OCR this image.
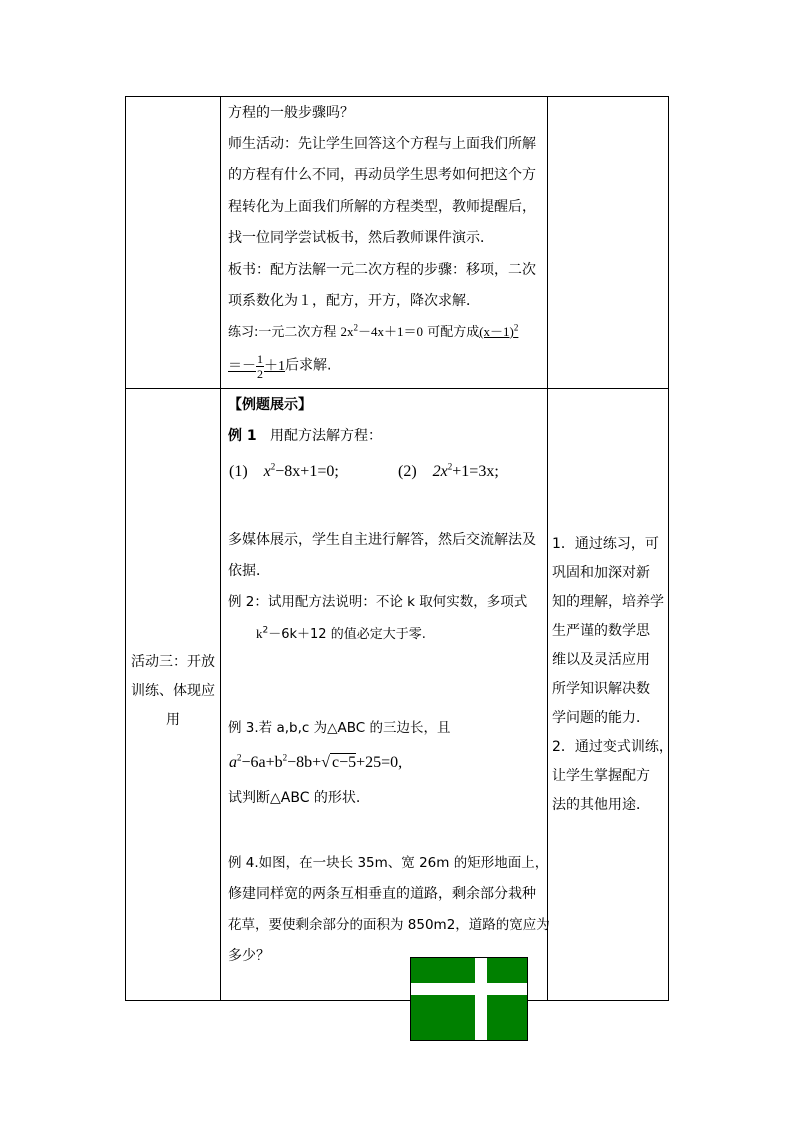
方程的一般步骤吗？
师生活动：先让学生回答这个方程与上面我们所解
的方程有什么不同，再动员学生思考如何把这个方
程转化为上面我们所解的方程类型，教师提醒后，
找一位同学尝试板书，然后教师课件演示．
板书：配方法解一元二次方程的步骤：移项，二次
项系数化为１，配方，开方，降次求解．
练习:一元二次方程 $2x^2-4x+1=0$ 可配方成$(x-1)^2$
＝－ $\frac{1}{2} +1$后求解.
活动三：开放
训练、体现应
用
【例题展示】
例 1 用配方法解方程：
(1) $x^2-8x+1=0$;	(2) $2x^2+1=3x$;
多媒体展示，学生自主进行解答，然后交流解法及
依据．
例 2：试用配方法说明：不论 k 取何实数，多项式
$k^2-6k+12$ 的值必定大于零.
例 3.若 a,b,c 为△ABC 的三边长，且
$a^2-6a+b^2-8b+√$ c−5+25=0,
试判断△ABC 的形状.
例 4.如图，在一块长 35m、宽 26m 的矩形地面上，
修建同样宽的两条互相垂直的道路，剩余部分栽种
花草，要使剩余部分的面积为 850m2，道路的宽应为
多少？
1．通过练习，可
巩固和加深对新
知的理解，培养学
生严谨的数学思
维以及灵活应用
所学知识解决数
学问题的能力．
2．通过变式训练，
让学生掌握配方
法的其他用途．
